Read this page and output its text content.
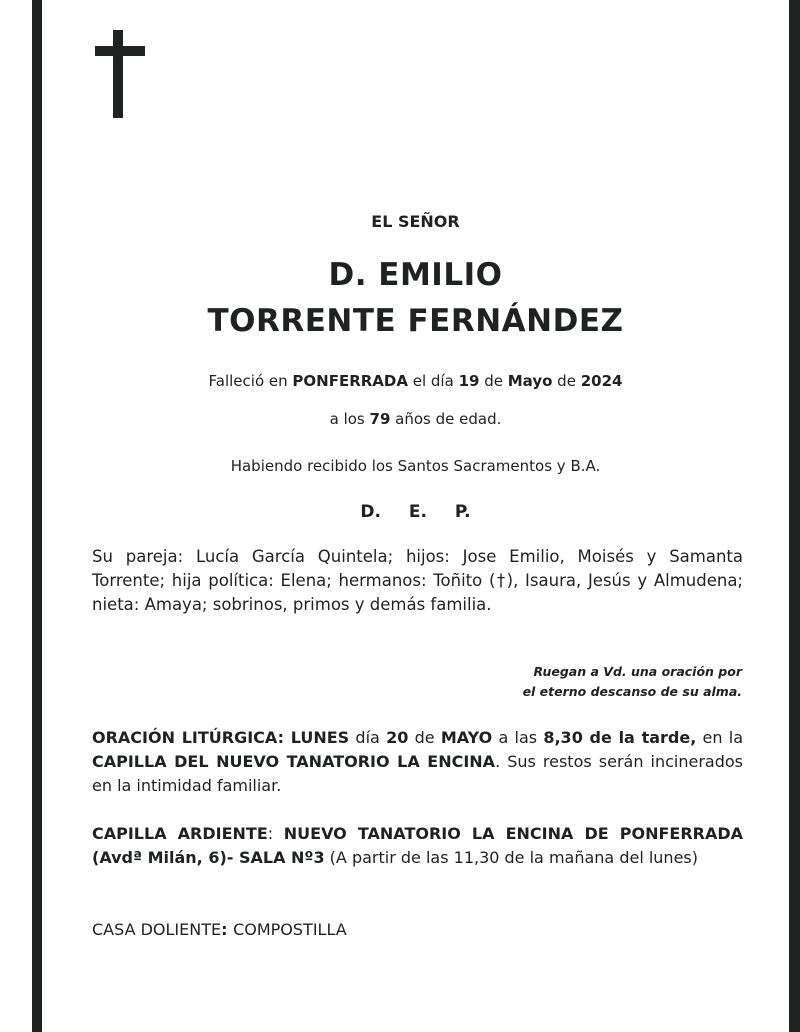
EL SEÑOR
D. EMILIO
TORRENTE FERNÁNDEZ
Falleció en PONFERRADA el día 19 de Mayo de 2024
a los 79 años de edad.
Habiendo recibido los Santos Sacramentos y B.A.
D. E. P.
Su pareja: Lucía García Quintela; hijos: Jose Emilio, Moisés y Samanta Torrente; hija política: Elena; hermanos: Toñito (†), Isaura, Jesús y Almudena; nieta: Amaya; sobrinos, primos y demás familia.
Ruegan a Vd. una oración por
el eterno descanso de su alma.
ORACIÓN LITÚRGICA: LUNES día 20 de MAYO a las 8,30 de la tarde, en la CAPILLA DEL NUEVO TANATORIO LA ENCINA. Sus restos serán incinerados en la intimidad familiar.
CAPILLA ARDIENTE: NUEVO TANATORIO LA ENCINA DE PONFERRADA (Avdª Milán, 6)- SALA Nº3 (A partir de las 11,30 de la mañana del lunes)
CASA DOLIENTE: COMPOSTILLA
